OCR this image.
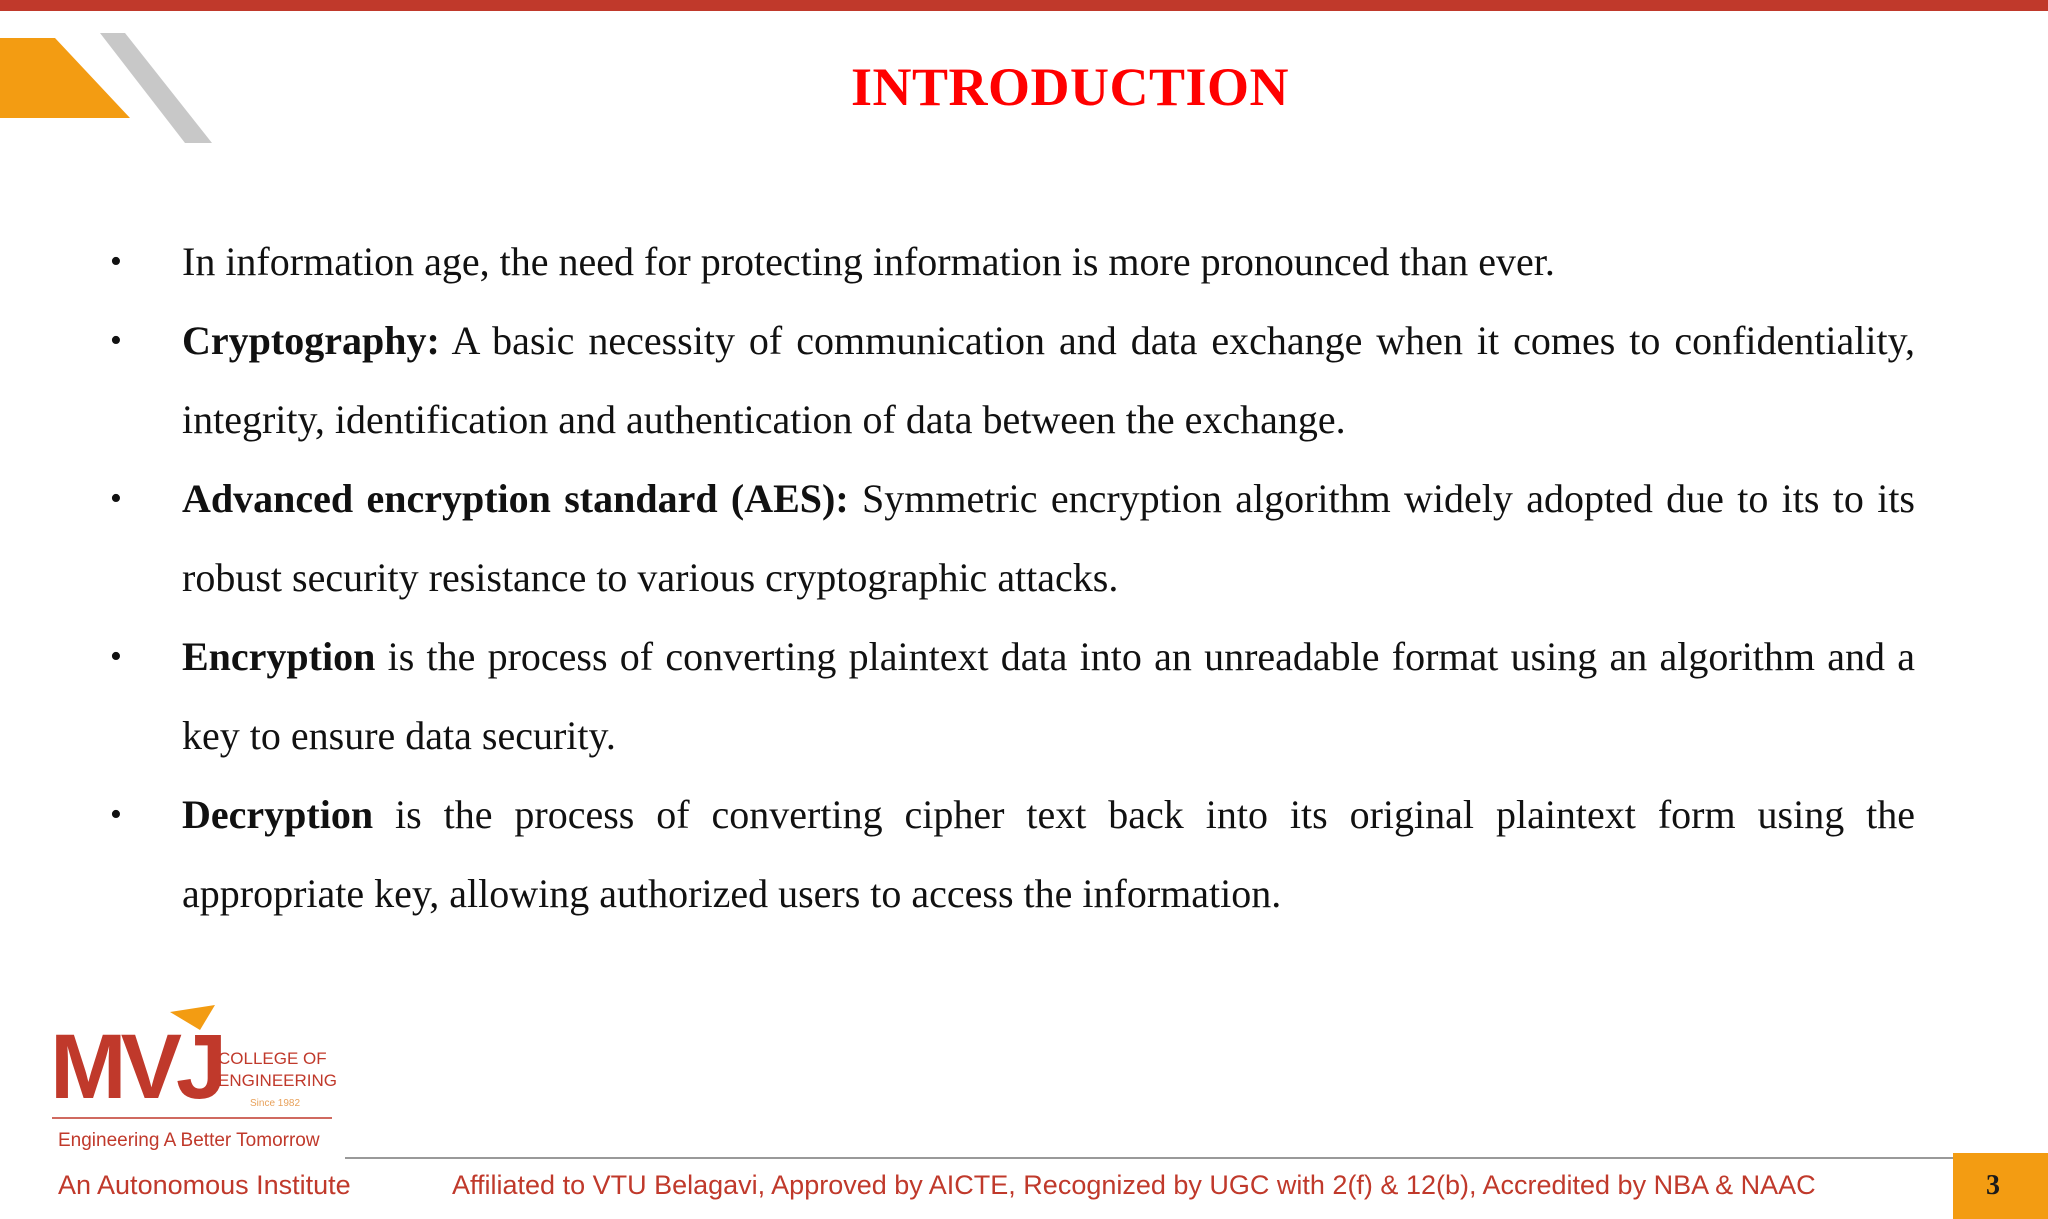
INTRODUCTION
• In information age, the need for protecting information is more pronounced than ever.
• Cryptography: A basic necessity of communication and data exchange when it comes to confidentiality, integrity, identification and authentication of data between the exchange.
• Advanced encryption standard (AES): Symmetric encryption algorithm widely adopted due to its to its robust security resistance to various cryptographic attacks.
• Encryption is the process of converting plaintext data into an unreadable format using an algorithm and a key to ensure data security.
• Decryption is the process of converting cipher text back into its original plaintext form using the appropriate key, allowing authorized users to access the information.
MVJ
COLLEGE OF
ENGINEERING
Since 1982
Engineering A Better Tomorrow
An Autonomous Institute	Affiliated to VTU Belagavi, Approved by AICTE, Recognized by UGC with 2(f) & 12(b), Accredited by NBA & NAAC	3
